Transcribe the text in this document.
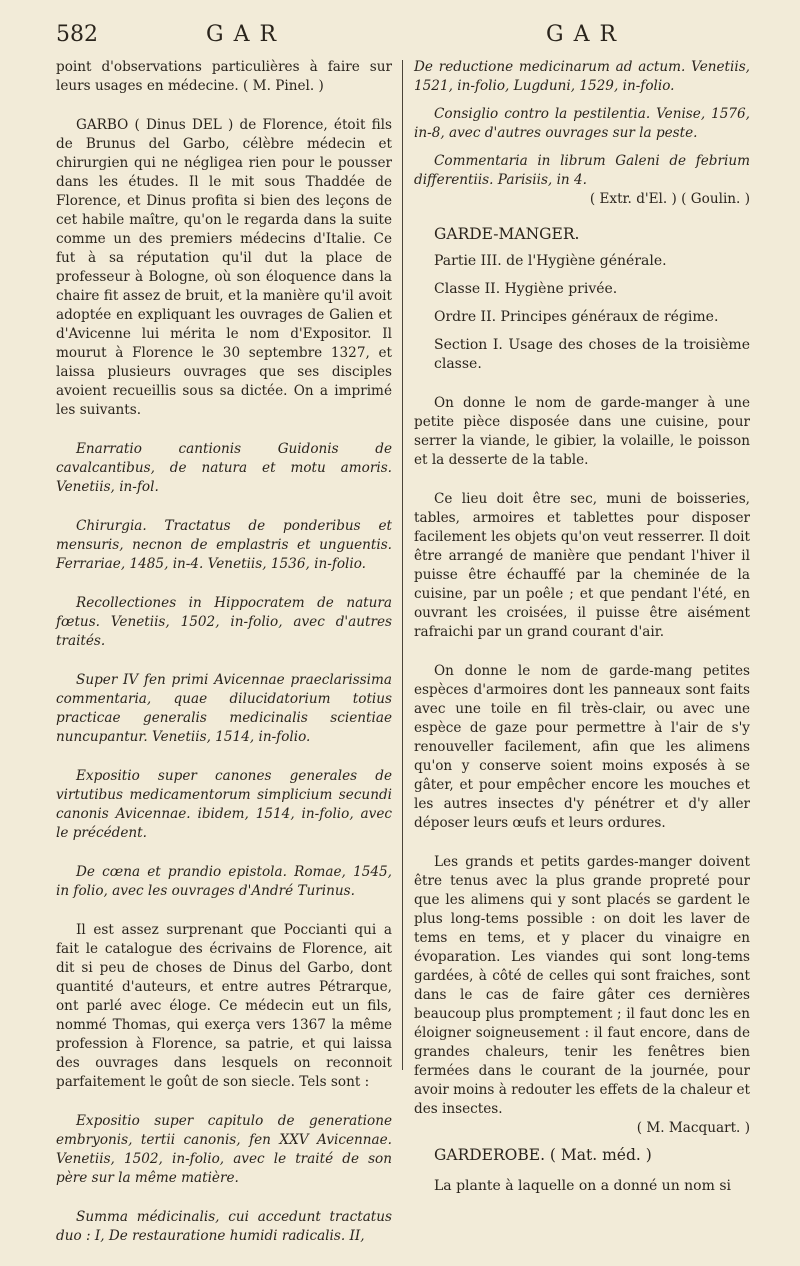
582	GAR	GAR

point d'observations particulières à faire sur leurs usages en médecine. ( M. Pinel. )

GARBO ( Dinus DEL ) de Florence, étoit fils de Brunus del Garbo, célèbre médecin et chirurgien qui ne négligea rien pour le pousser dans les études. Il le mit sous Thaddée de Florence, et Dinus profita si bien des leçons de cet habile maître, qu'on le regarda dans la suite comme un des premiers médecins d'Italie. Ce fut à sa réputation qu'il dut la place de professeur à Bologne, où son éloquence dans la chaire fit assez de bruit, et la manière qu'il avoit adoptée en expliquant les ouvrages de Galien et d'Avicenne lui mérita le nom d'Expositor. Il mourut à Florence le 30 septembre 1327, et laissa plusieurs ouvrages que ses disciples avoient recueillis sous sa dictée. On a imprimé les suivants.

Enarratio cantionis Guidonis de cavalcantibus, de natura et motu amoris. Venetiis, in-fol.

Chirurgia. Tractatus de ponderibus et mensuris, necnon de emplastris et unguentis. Ferrariae, 1485, in-4. Venetiis, 1536, in-folio.

Recollectiones in Hippocratem de natura fœtus. Venetiis, 1502, in-folio, avec d'autres traités.

Super IV fen primi Avicennae praeclarissima commentaria, quae dilucidatorium totius practicae generalis medicinalis scientiae nuncupantur. Venetiis, 1514, in-folio.

Expositio super canones generales de virtutibus medicamentorum simplicium secundi canonis Avicennae. ibidem, 1514, in-folio, avec le précédent.

De cœna et prandio epistola. Romae, 1545, in folio, avec les ouvrages d'André Turinus.

Il est assez surprenant que Poccianti qui a fait le catalogue des écrivains de Florence, ait dit si peu de choses de Dinus del Garbo, dont quantité d'auteurs, et entre autres Pétrarque, ont parlé avec éloge. Ce médecin eut un fils, nommé Thomas, qui exerça vers 1367 la même profession à Florence, sa patrie, et qui laissa des ouvrages dans lesquels on reconnoit parfaitement le goût de son siecle. Tels sont :

Expositio super capitulo de generatione embryonis, tertii canonis, fen XXV Avicennae. Venetiis, 1502, in-folio, avec le traité de son père sur la même matière.

Summa médicinalis, cui accedunt tractatus duo : I, De restauratione humidi radicalis. II,

De reductione medicinarum ad actum. Venetiis, 1521, in-folio, Lugduni, 1529, in-folio.

Consiglio contro la pestilentia. Venise, 1576, in-8, avec d'autres ouvrages sur la peste.

Commentaria in librum Galeni de febrium differentiis. Parisiis, in 4.

( Extr. d'El. ) ( Goulin. )

GARDE-MANGER.

Partie III. de l'Hygiène générale.

Classe II. Hygiène privée.

Ordre II. Principes généraux de régime.

Section I. Usage des choses de la troisième classe.

On donne le nom de garde-manger à une petite pièce disposée dans une cuisine, pour serrer la viande, le gibier, la volaille, le poisson et la desserte de la table.

Ce lieu doit être sec, muni de boisseries, tables, armoires et tablettes pour disposer facilement les objets qu'on veut resserrer. Il doit être arrangé de manière que pendant l'hiver il puisse être échauffé par la cheminée de la cuisine, par un poêle ; et que pendant l'été, en ouvrant les croisées, il puisse être aisément rafraichi par un grand courant d'air.

On donne le nom de garde-mang petites espèces d'armoires dont les panneaux sont faits avec une toile en fil très-clair, ou avec une espèce de gaze pour permettre à l'air de s'y renouveller facilement, afin que les alimens qu'on y conserve soient moins exposés à se gâter, et pour empêcher encore les mouches et les autres insectes d'y pénétrer et d'y aller déposer leurs œufs et leurs ordures.

Les grands et petits gardes-manger doivent être tenus avec la plus grande propreté pour que les alimens qui y sont placés se gardent le plus long-tems possible : on doit les laver de tems en tems, et y placer du vinaigre en évoparation. Les viandes qui sont long-tems gardées, à côté de celles qui sont fraiches, sont dans le cas de faire gâter ces dernières beaucoup plus promptement ; il faut donc les en éloigner soigneusement : il faut encore, dans de grandes chaleurs, tenir les fenêtres bien fermées dans le courant de la journée, pour avoir moins à redouter les effets de la chaleur et des insectes.

( M. Macquart. )

GARDEROBE. ( Mat. méd. )

La plante à laquelle on a donné un nom si
